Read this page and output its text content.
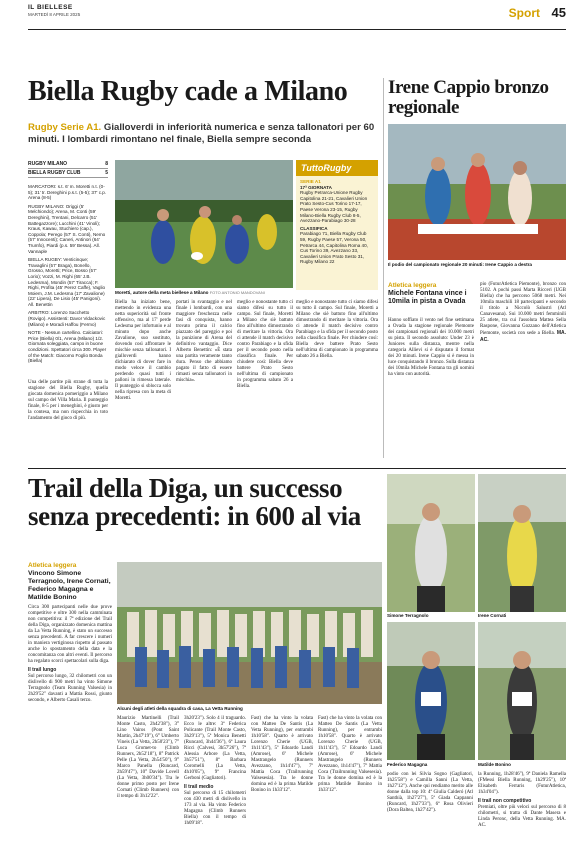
IL BIELLESE
MARTEDÌ 8 APRILE 2025	Sport 45
Biella Rugby cade a Milano
Rugby Serie A1. Gialloverdi in inferiorità numerica e senza tallonatori per 60 minuti. I lombardi rimontano nel finale, Biella sempre seconda
RUGBY MILANO	8
BIELLA RUGBY CLUB	5

MARCATORI: s.t. 6' m. Moretti n.t. (0-5); 31' tr. Dereghini p.s.t. (5-5); 37' c.p. Arena (8-5)

RUGBY MILANO: Origgi (5' Melchiondo); Arena, M. Conti (59' Dereghini), Trentani, Delcarro (51' Battegazzore); Lucchini (41' Vinoli); Kraus, Kawau, Stuchiero (cap.), Coppola; Perego (57' S. Conti), Nemo (57' Innocenti); Caneri, Antinori (64' Trumfo), Piardi (p.s. 59' Bessa). All. Vannaple

BIELLA RUGBY: Venticinque; Travaglini (57' Braga), Bonello, Grosso, Moretti; Price, Bosso (57' Lorio); Vozzi, M. Righi (65' J.B. Ledesma), Mondin (57' Tiracca); F. Righi, Profita (45' Perez Caffe), Vaglio Moiem, J.M. Ledesma (17' Zavalione) (22' Lipera), De Lisio (45' Panigoni). All. Benettin

ARBITRO: Lorenzo Sacchetto (Rovigo). Assistenti: Davor Vidackovic (Milano) e Moradi Haffou (Fermo)

NOTE - Nessun cartellino. Calciatori: Price (Biella) 0/1, Arena (Milano) 1/2. Giornata soleggiata, campo in buone condizioni. Spettatori circa 300. Player of the Match: Giacomo Foglio Bonda (Biella)

Una delle partite più strane di tutta la stagione del Biella Rugby, quella giocata domenica pomeriggio a Milano sul campo del Villa Maria. Il punteggio finale, 8-5 per i meneghini, è giusto per la contesa, ma non rispecchia in toto l'andamento del gioco di più.
Moretti, autore della meta biellese a Milano FOTO ANTONIO MANDOVANI
TuttoRugby
SERIE A1
17ª GIORNATA
Rugby Petrarca-Unione Rugby Capitolina 21-21, Cavalieri Union Prato Sesto-Cus Torino 17-17, Paese Verona 23-15, Rugby Milano-Biella Rugby Club 8-5, Avezzano-Parabiago 30-28
CLASSIFICA
Parabiago 71, Biella Rugby Club 59, Rugby Paese 57, Verona 50, Petrarca 44, Capitolina Roma 40, Cus Torino 39, Avezzano 33, Cavalieri Union Prato Sesto 31, Rugby Milano 22
Biella ha iniziato bene, mettendo in evidenza una netta superiorità sul fronte offensivo, ma al 17' perde Ledesma per infortunio e al minuto dopo anche Zavalione, suo sostituto, dovendo così affrontare le mischie senza tallonatori. I gialloverdi hanno dichiarato di dover fare in modo veloce il cambio perdendo quasi tutti i palloni in rimessa laterale. Il punteggio si sblocca solo nella ripresa con la meta di Moretti.
portati in svantaggio e nel finale i lombardi, con una maggiore freschezza nelle fasi di conquista, hanno trovato prima il calcio piazzato del pareggio e poi la punizione di Arena del definitivo vantaggio. Dice Alberto Benettin: «È stata una partita veramente tanto dura. Penso che abbiamo pagato il fatto di essere rimasti senza tallonatori in mischia».
meglio e nonostante tutto ci siamo difesi su tutto il campo. Sul finale, Moretti a Milano che siè battuto fino all'ultimo dimostrando di meritare la vittoria. Ora ci attende il match decisivo contro Parabiago e la sfida per il secondo posto nella classifica finale. Per chiudere così: Biella deve battere Prato Sesto nell'ultima di campionato in programma sabato 26 a Biella.
meglio e nonostante tutto ci siamo difesi su tutto il campo. Sul finale, Moretti a Milano che siè battuto fino all'ultimo dimostrando di meritare la vittoria. Ora ci attende il match decisivo contro Parabiago e la sfida per il secondo posto nella classifica finale. Per chiudere così: Biella deve battere Prato Sesto nell'ultima di campionato in programma sabato 26 a Biella.
Irene Cappio bronzo regionale
Il podio del campionato regionale 20 minuti: Irene Cappio a destra
Atletica leggera
Michele Fontana vince i 10mila in pista a Ovada
Hanno soffiato il vento nel fine settimana a Ovada la stagione regionale Piemonte dei campionati regionali dei 10.000 metri su pista. Il secondo assoluto: Under 23 è Juniores sulla distanza, mentre nella categoria Allievi si è disputato il format dei 20 minuti. Irene Cappio si è messa in luce conquistando il bronzo. Sulla distanza dei 10mila Michele Fontana tra gli uomini ha vinto con autorità.
pio (FuturAtletica Piemonte), bronzo con 5102. A pochi passi Marta Ricceri (UGB Biella) che ha percorso 5068 metri. Nei 10mila maschili 18 partecipanti e secondo il titolo a Niccolò Salustri (Atl Canavesana). Sui 10.000 metri femminili 25 atlete, tra cui l'assoluta Mattea Sella Raspone, Giovanna Gozzano dell'Atletica Piemonte, società con sede a Biella. MA. AC.
Trail della Diga, un successo senza precedenti: in 600 al via
Atletica leggera
Vincono Simone Terragnolo, Irene Cornati, Federico Magagna e Matilde Bonino

Circa 300 partecipanti nelle due prove competitive e oltre 300 nella camminata non competitiva: il 7ª edizione del Trail della Diga, organizzato domenica mattina da La Vetta Running, è stato un successo senza precedenti. A far crescere i numeri in maniera vertiginosa rispetto al passato anche lo spostamento della data e la concomitanza con altri eventi. Il percorso ha regalato scorci spettacolari sulla diga.

Il trail lungo

Sul percorso lungo, 32 chilometri con un dislivello di 900 metri ha vinto Simone Terragnolo (Team Running Valsesia) in 2h29'52" davanti a Mattia Rossi, giunto secondo, e Alberto Casali terzo.

Alcuni degli atleti della squadra di casa, La Vetta Running
Maurizio Martinelli (Trail Monte Casto, 2h42'38"), 3° Lino Vairos (Pont Saint Martin, 2h47'19"), 6° Umberto Vineis (La Vetta, 2h50'23"), 7° Luca Gromet-to (Climb Runners, 2h52'18"), 8° Patrick Pelle (La Vetta, 2h54'50"), 9° Marco Panella (Runcard, 2h59'47"), 10° Davide Lovell (La Vetta, 3h00'34"). Tra le donne primo posto per Irene Cornati (Climb Runners) con il tempo di 3h12'22".

3h20'23"). Solo 4 il traguardo. Ecco le altre: 3ª Federica Policante (Trail Monte Casto, 3h29'13"), 5ª Monica Benetti (Runcard, 3h44'36"), 6ª Laura Ricci (Calvesi, 3h57'26"), 7ª Alessia Arbore (La Vetta, 3h57'51"), 8ª Barbara Coromelli (La Vetta, 4h10'05"), 9ª Francina Gerboni (Gagliatori).

Il trail medio

Sul percorso di 15 chilometri con 430 metri di dislivello in 173 al via. Ha vinto Federico Magagna (Climb Runners Biella) con il tempo di 1h09'18".

Fast) che ha vinto la volata con Matteo De Santis (La Vetta Running), per entrambi 1h10'58". Quarto è arrivato Lorenzo Cherie (UGB, 1h11'43"), 5º Edoardo Landi (Amrose), 6º Michele Mastrangelo (Runners Avezzano, 1h14'47"), 7º Mattia Coca (Trailrunning Valsesesia). Tra le donne domina ed è la prima Matilde Bonino in 1h33'12".
Fast) che ha vinto la volata con Matteo De Santis (La Vetta Running), per entrambi 1h10'58". Quarto è arrivato Lorenzo Cherie (UGB, 1h11'43"), 5º Edoardo Landi (Amrose), 6º Michele Mastrangelo (Runners Avezzano, 1h14'47"), 7º Mattia Coca (Trailrunning Valsesesia). Tra le donne domina ed è la prima Matilde Bonino in 1h33'12".
Simone Terragnolo	Irene Cornati
Federico Magagna	Matilde Bonino
podio con lei Silvia Sogno (Gagliatori, 1h25'58") e Camilla Sanni (La Vetta, 1h27'12"). Anche qui rendiamo merito alle donne dalla top 10: 4ª Giulia Calderó (Atl Santhià, 1h27'27"), 5ª Giada Cappanni (Runcard, 1h27'33"), 6ª Rosa Olivieri (Dora Baltea, 1h27'42").

la Running, 1h28'46"), 9ª Daniela Ramella (FMessi Biella Running, 1h29'25"), 10ª Elisabeth Ferraris (FuturAtletica, 1h34'04").

Il trail non competitivo

Premiati, oltre più veloci sul percorso di 8 chilometri, si tratta di Dante Masera e Linda Peronc, della Vetta Running. MA. AC.
